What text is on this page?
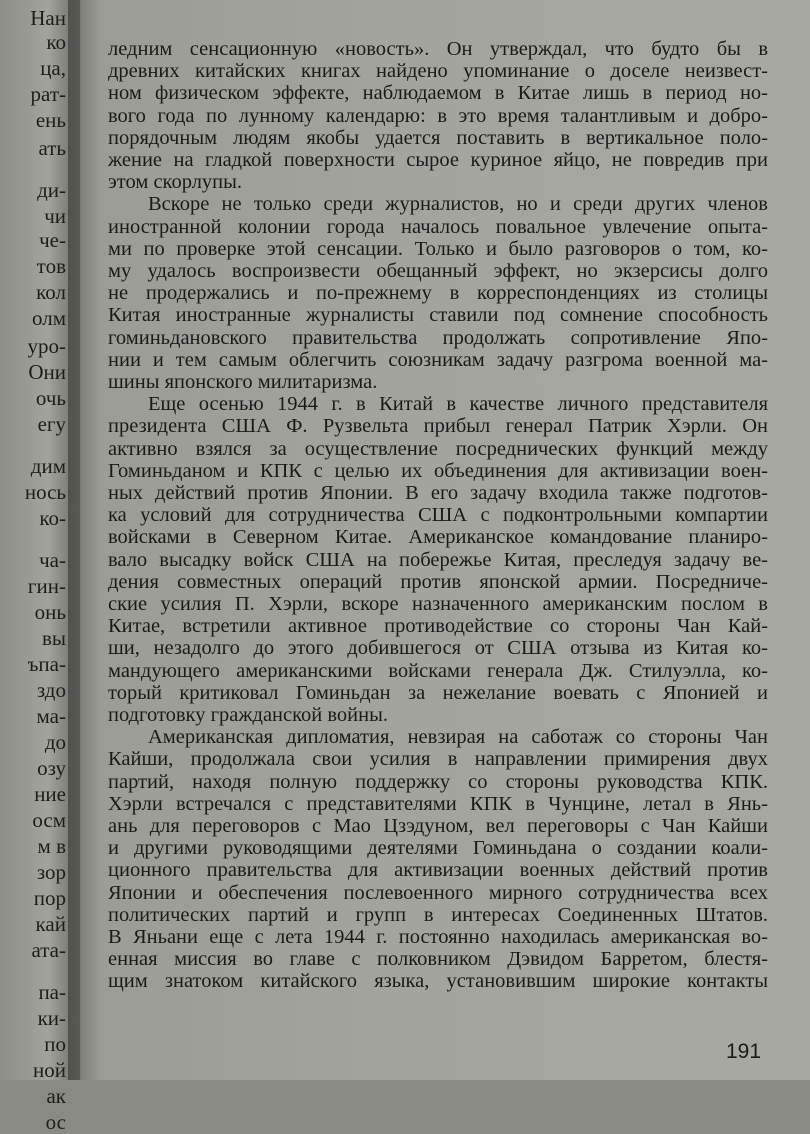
Нан
ко
ца,
рат-
ень
ать
ди-
чи
че-
тов
кол
олм
уро-
Они
очь
егу
дим
нось
ко-
ча-
гин-
онь
вы
ъпа-
здо
ма-
до
озу
ние
осм
м в
зор
пор
кай
ата-
па-
ки-
по
ной
ак
ос
ледним сенсационную «новость». Он утверждал, что будто бы в
древних китайских книгах найдено упоминание о доселе неизвест-
ном физическом эффекте, наблюдаемом в Китае лишь в период но-
вого года по лунному календарю: в это время талантливым и добро-
порядочным людям якобы удается поставить в вертикальное поло-
жение на гладкой поверхности сырое куриное яйцо, не повредив при
этом скорлупы.
Вскоре не только среди журналистов, но и среди других членов
иностранной колонии города началось повальное увлечение опыта-
ми по проверке этой сенсации. Только и было разговоров о том, ко-
му удалось воспроизвести обещанный эффект, но экзерсисы долго
не продержались и по-прежнему в корреспонденциях из столицы
Китая иностранные журналисты ставили под сомнение способность
гоминьдановского правительства продолжать сопротивление Япо-
нии и тем самым облегчить союзникам задачу разгрома военной ма-
шины японского милитаризма.
Еще осенью 1944 г. в Китай в качестве личного представителя
президента США Ф. Рузвельта прибыл генерал Патрик Хэрли. Он
активно взялся за осуществление посреднических функций между
Гоминьданом и КПК с целью их объединения для активизации воен-
ных действий против Японии. В его задачу входила также подготов-
ка условий для сотрудничества США с подконтрольными компартии
войсками в Северном Китае. Американское командование планиро-
вало высадку войск США на побережье Китая, преследуя задачу ве-
дения совместных операций против японской армии. Посредниче-
ские усилия П. Хэрли, вскоре назначенного американским послом в
Китае, встретили активное противодействие со стороны Чан Кай-
ши, незадолго до этого добившегося от США отзыва из Китая ко-
мандующего американскими войсками генерала Дж. Стилуэлла, ко-
торый критиковал Гоминьдан за нежелание воевать с Японией и
подготовку гражданской войны.
Американская дипломатия, невзирая на саботаж со стороны Чан
Кайши, продолжала свои усилия в направлении примирения двух
партий, находя полную поддержку со стороны руководства КПК.
Хэрли встречался с представителями КПК в Чунцине, летал в Янь-
ань для переговоров с Мао Цзэдуном, вел переговоры с Чан Кайши
и другими руководящими деятелями Гоминьдана о создании коали-
ционного правительства для активизации военных действий против
Японии и обеспечения послевоенного мирного сотрудничества всех
политических партий и групп в интересах Соединенных Штатов.
В Яньани еще с лета 1944 г. постоянно находилась американская во-
енная миссия во главе с полковником Дэвидом Барретом, блестя-
щим знатоком китайского языка, установившим широкие контакты
191
